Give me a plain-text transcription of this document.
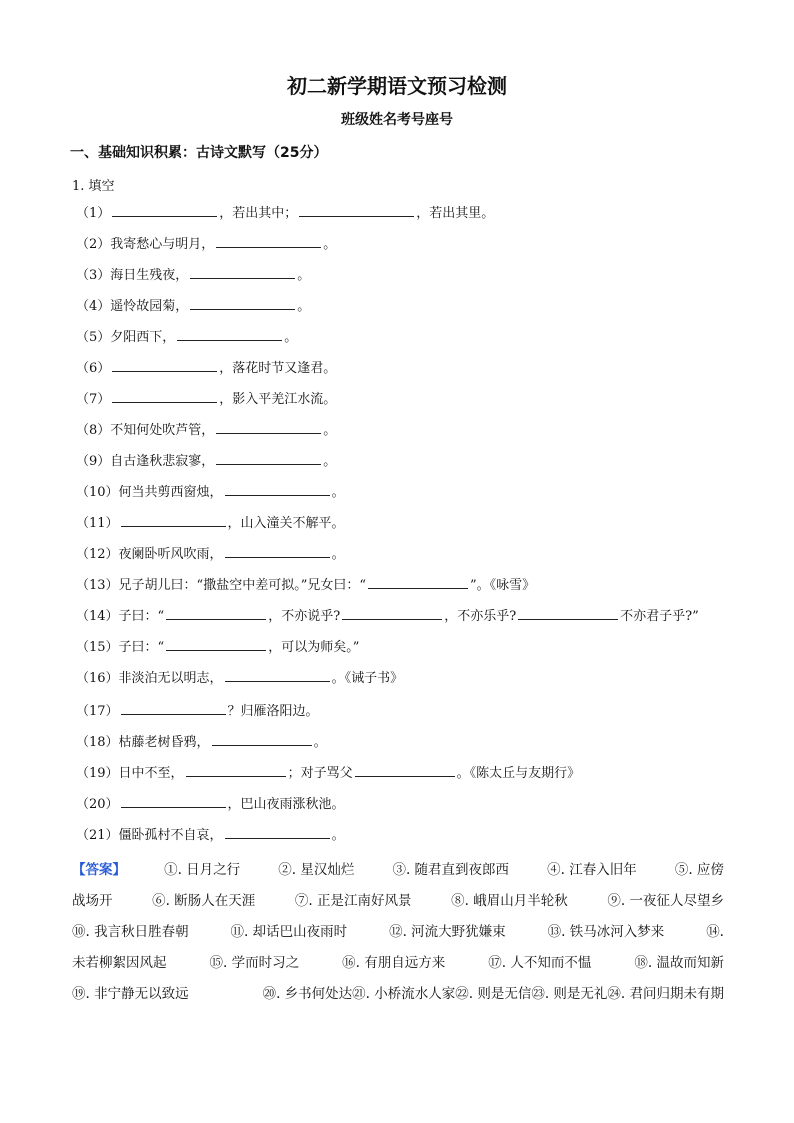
初二新学期语文预习检测
班级姓名考号座号
一、基础知识积累：古诗文默写（25分）
1. 填空
（1）	，若出其中；	，若出其里。
（2）我寄愁心与明月，	。
（3）海日生残夜，	。
（4）遥怜故园菊，	。
（5）夕阳西下，	。
（6）	，落花时节又逢君。
（7）	，影入平羌江水流。
（8）不知何处吹芦管，	。
（9）自古逢秋悲寂寥，	。
（10）何当共剪西窗烛，	。
（11）	，山入潼关不解平。
（12）夜阑卧听风吹雨，	。
（13）兄子胡儿曰：“撒盐空中差可拟。”兄女曰：“	”。《咏雪》
（14）子曰：“	，不亦说乎?	，不亦乐乎?	不亦君子乎?”
（15）子曰：“	，可以为师矣。”
（16）非淡泊无以明志，	。《诫子书》
（17）	？归雁洛阳边。
（18）枯藤老树昏鸦，	。
（19）日中不至，	；对子骂父	。《陈太丘与友期行》
（20）	，巴山夜雨涨秋池。
（21）僵卧孤村不自哀，	。
【答案】	①. 日月之行	②. 星汉灿烂	③. 随君直到夜郎西	④. 江春入旧年	⑤. 应傍
战场开	⑥. 断肠人在天涯	⑦. 正是江南好风景	⑧. 峨眉山月半轮秋	⑨. 一夜征人尽望乡
⑩. 我言秋日胜春朝	⑪. 却话巴山夜雨时	⑫. 河流大野犹嫌束	⑬. 铁马冰河入梦来	⑭.
未若柳絮因风起	⑮. 学而时习之	⑯. 有朋自远方来	⑰. 人不知而不愠	⑱. 温故而知新
⑲. 非宁静无以致远	⑳. 乡书何处达㉑. 小桥流水人家㉒. 则是无信㉓. 则是无礼㉔. 君问归期未有期
